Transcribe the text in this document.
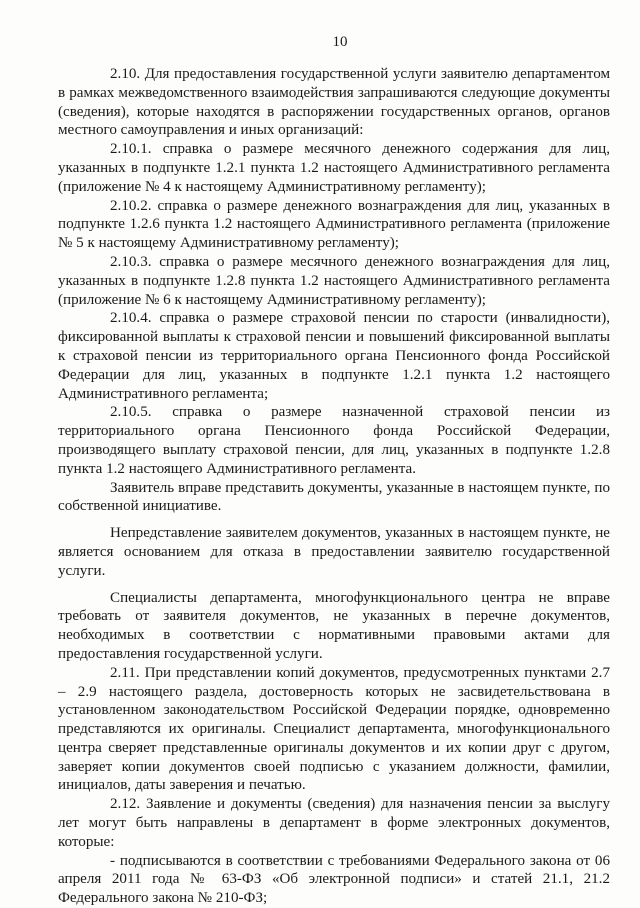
10

2.10. Для предоставления государственной услуги заявителю департаментом в рамках межведомственного взаимодействия запрашиваются следующие документы (сведения), которые находятся в распоряжении государственных органов, органов местного самоуправления и иных организаций:

2.10.1. справка о размере месячного денежного содержания для лиц, указанных в подпункте 1.2.1 пункта 1.2 настоящего Административного регламента (приложение № 4 к настоящему Административному регламенту);

2.10.2. справка о размере денежного вознаграждения для лиц, указанных в подпункте 1.2.6 пункта 1.2 настоящего Административного регламента (приложение № 5 к настоящему Административному регламенту);

2.10.3. справка о размере месячного денежного вознаграждения для лиц, указанных в подпункте 1.2.8 пункта 1.2 настоящего Административного регламента (приложение № 6 к настоящему Административному регламенту);

2.10.4. справка о размере страховой пенсии по старости (инвалидности), фиксированной выплаты к страховой пенсии и повышений фиксированной выплаты к страховой пенсии из территориального органа Пенсионного фонда Российской Федерации для лиц, указанных в подпункте 1.2.1 пункта 1.2 настоящего Административного регламента;

2.10.5. справка о размере назначенной страховой пенсии из территориального органа Пенсионного фонда Российской Федерации, производящего выплату страховой пенсии, для лиц, указанных в подпункте 1.2.8 пункта 1.2 настоящего Административного регламента.

Заявитель вправе представить документы, указанные в настоящем пункте, по собственной инициативе.

Непредставление заявителем документов, указанных в настоящем пункте, не является основанием для отказа в предоставлении заявителю государственной услуги.

Специалисты департамента, многофункционального центра не вправе требовать от заявителя документов, не указанных в перечне документов, необходимых в соответствии с нормативными правовыми актами для предоставления государственной услуги.

2.11. При представлении копий документов, предусмотренных пунктами 2.7 – 2.9 настоящего раздела, достоверность которых не засвидетельствована в установленном законодательством Российской Федерации порядке, одновременно представляются их оригиналы. Специалист департамента, многофункционального центра сверяет представленные оригиналы документов и их копии друг с другом, заверяет копии документов своей подписью с указанием должности, фамилии, инициалов, даты заверения и печатью.

2.12. Заявление и документы (сведения) для назначения пенсии за выслугу лет могут быть направлены в департамент в форме электронных документов, которые:

- подписываются в соответствии с требованиями Федерального закона от 06 апреля 2011 года № 63-ФЗ «Об электронной подписи» и статей 21.1, 21.2 Федерального закона № 210-ФЗ;
